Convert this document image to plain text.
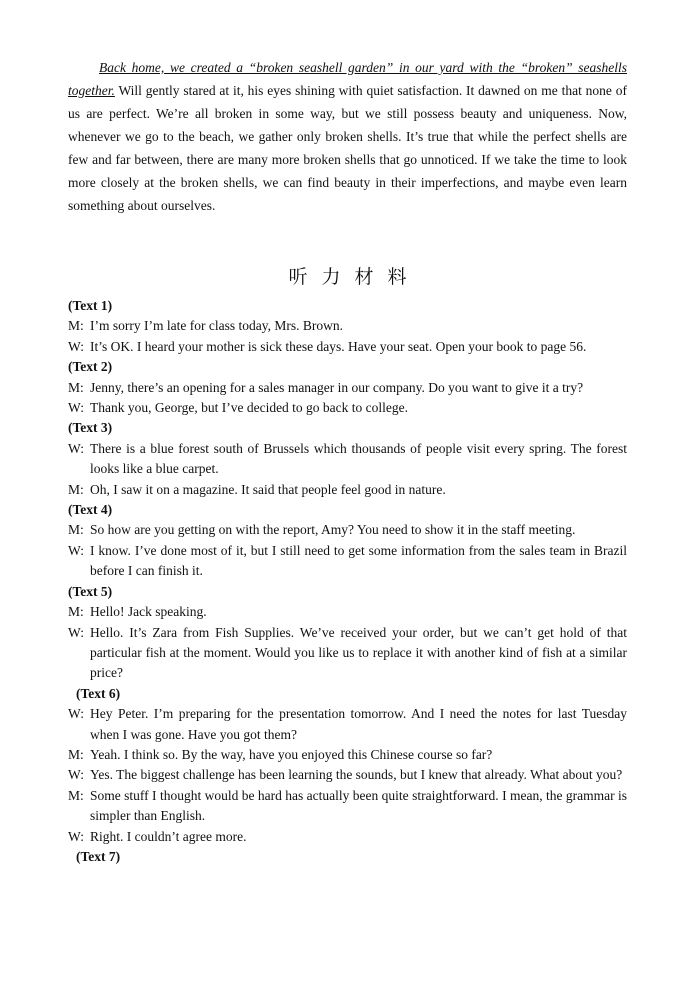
Back home, we created a “broken seashell garden” in our yard with the “broken” seashells together. Will gently stared at it, his eyes shining with quiet satisfaction. It dawned on me that none of us are perfect. We’re all broken in some way, but we still possess beauty and uniqueness. Now, whenever we go to the beach, we gather only broken shells. It’s true that while the perfect shells are few and far between, there are many more broken shells that go unnoticed. If we take the time to look more closely at the broken shells, we can find beauty in their imperfections, and maybe even learn something about ourselves.

听力材料
(Text 1)
M: I’m sorry I’m late for class today, Mrs. Brown.
W: It’s OK. I heard your mother is sick these days. Have your seat. Open your book to page 56.
(Text 2)
M: Jenny, there’s an opening for a sales manager in our company. Do you want to give it a try?
W: Thank you, George, but I’ve decided to go back to college.
(Text 3)
W: There is a blue forest south of Brussels which thousands of people visit every spring. The forest looks like a blue carpet.
M: Oh, I saw it on a magazine. It said that people feel good in nature.
(Text 4)
M: So how are you getting on with the report, Amy? You need to show it in the staff meeting.
W: I know. I’ve done most of it, but I still need to get some information from the sales team in Brazil before I can finish it.
(Text 5)
M: Hello! Jack speaking.
W: Hello. It’s Zara from Fish Supplies. We’ve received your order, but we can’t get hold of that particular fish at the moment. Would you like us to replace it with another kind of fish at a similar price?
(Text 6)
W: Hey Peter. I’m preparing for the presentation tomorrow. And I need the notes for last Tuesday when I was gone. Have you got them?
M: Yeah. I think so. By the way, have you enjoyed this Chinese course so far?
W: Yes. The biggest challenge has been learning the sounds, but I knew that already. What about you?
M: Some stuff I thought would be hard has actually been quite straightforward. I mean, the grammar is simpler than English.
W: Right. I couldn’t agree more.
(Text 7)
